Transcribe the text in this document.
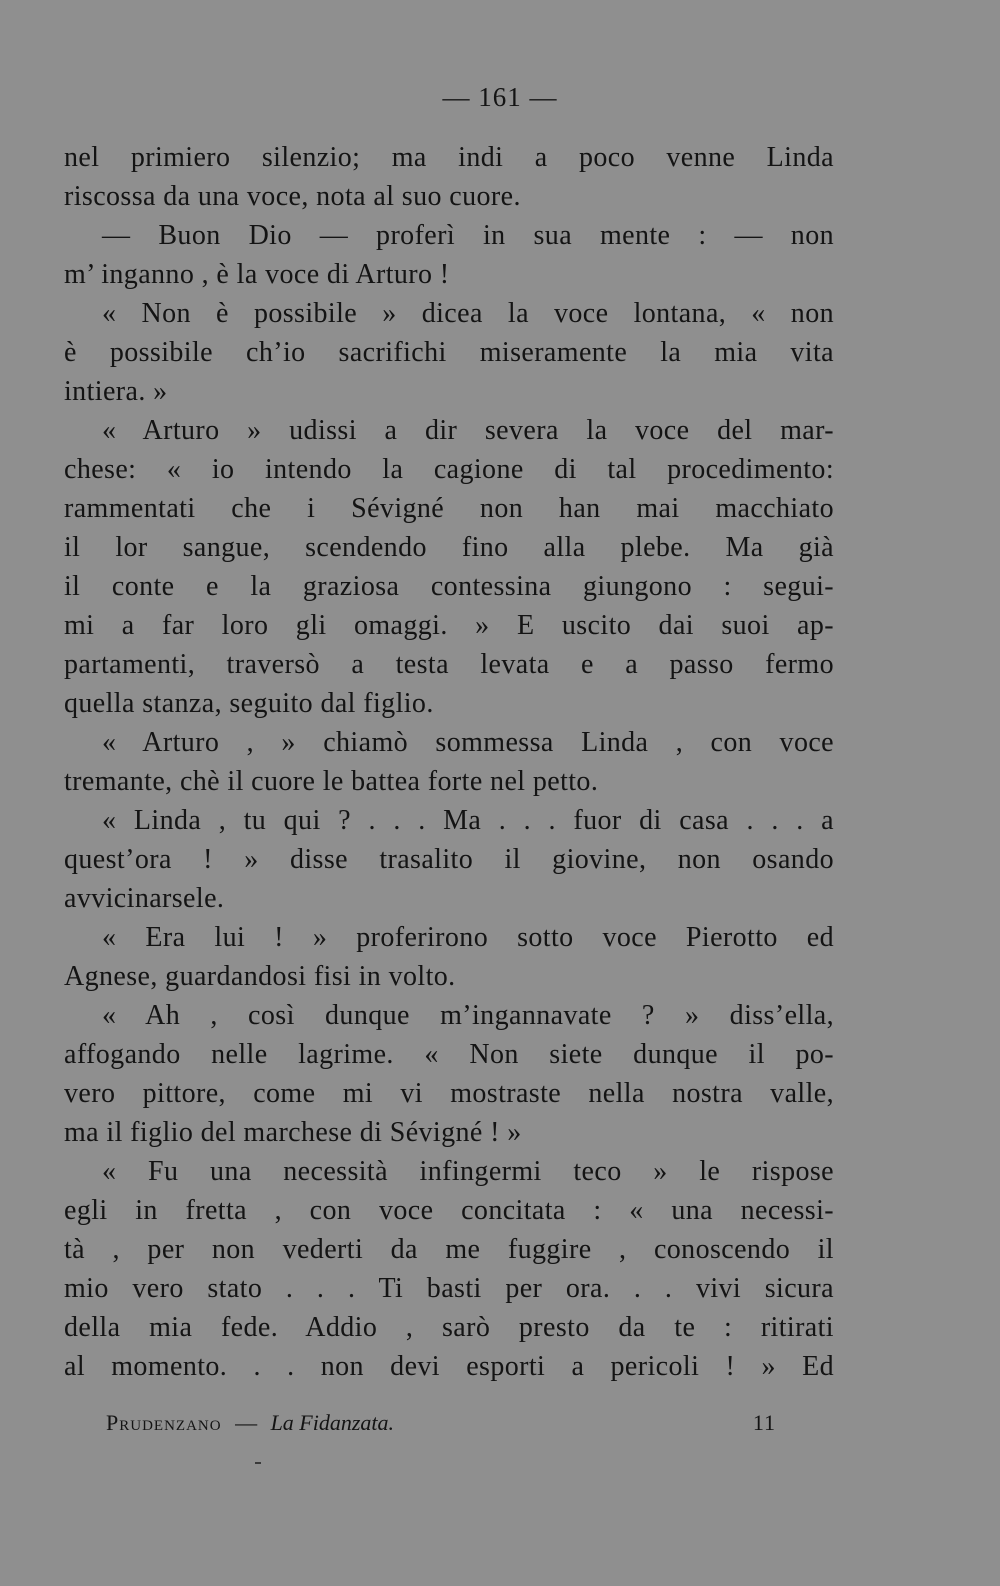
— 161 —
nel primiero silenzio; ma indi a poco venne Linda
riscossa da una voce, nota al suo cuore.
— Buon Dio — proferì in sua mente : — non
m’ inganno , è la voce di Arturo !
« Non è possibile » dicea la voce lontana, « non
è possibile ch’io sacrifichi miseramente la mia vita
intiera. »
« Arturo » udissi a dir severa la voce del mar-
chese: « io intendo la cagione di tal procedimento:
rammentati che i Sévigné non han mai macchiato
il lor sangue, scendendo fino alla plebe. Ma già
il conte e la graziosa contessina giungono : segui-
mi a far loro gli omaggi. » E uscito dai suoi ap-
partamenti, traversò a testa levata e a passo fermo
quella stanza, seguito dal figlio.
« Arturo , » chiamò sommessa Linda , con voce
tremante, chè il cuore le battea forte nel petto.
« Linda , tu qui ? . . . Ma . . . fuor di casa . . . a
quest’ora ! » disse trasalito il giovine, non osando
avvicinarsele.
« Era lui ! » proferirono sotto voce Pierotto ed
Agnese, guardandosi fisi in volto.
« Ah , così dunque m’ingannavate ? » diss’ella,
affogando nelle lagrime. « Non siete dunque il po-
vero pittore, come mi vi mostraste nella nostra valle,
ma il figlio del marchese di Sévigné ! »
« Fu una necessità infingermi teco » le rispose
egli in fretta , con voce concitata : « una necessi-
tà , per non vederti da me fuggire , conoscendo il
mio vero stato . . . Ti basti per ora. . . vivi sicura
della mia fede. Addio , sarò presto da te : ritirati
al momento. . . non devi esporti a pericoli ! » Ed
Prudenzano — La Fidanzata.	11
